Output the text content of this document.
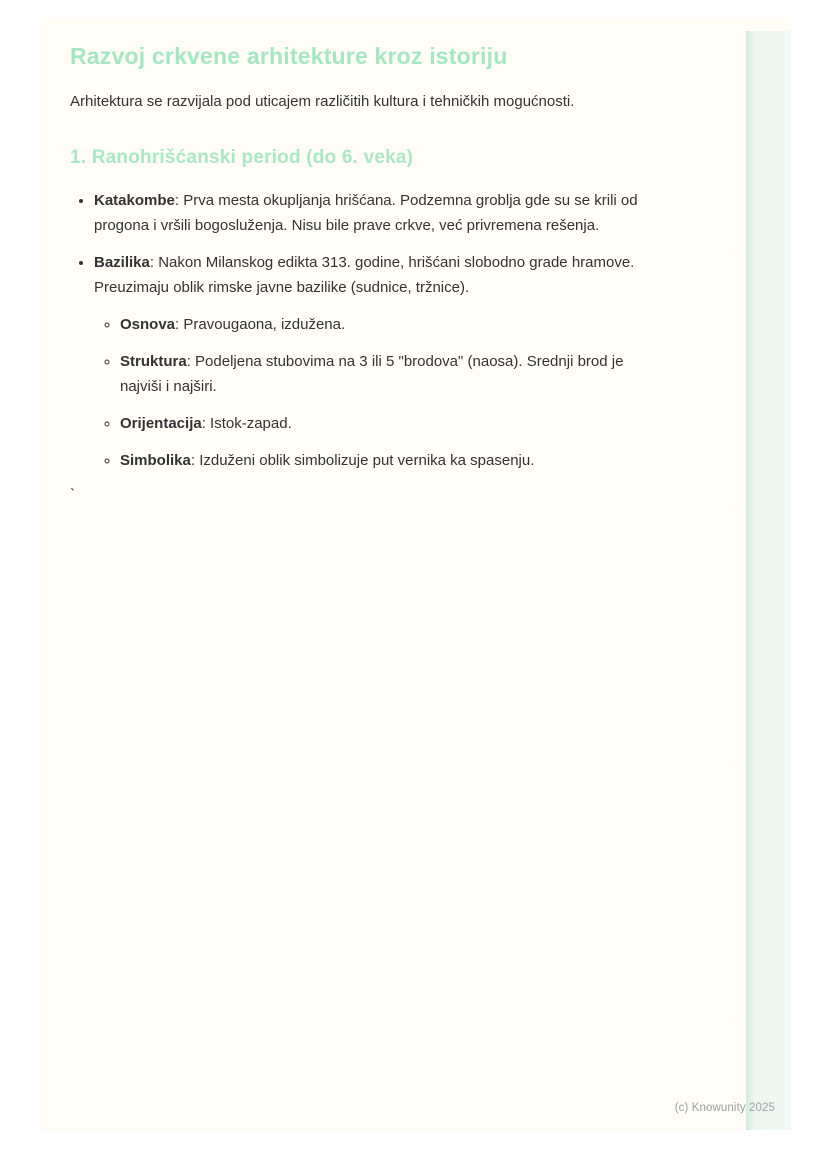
Razvoj crkvene arhitekture kroz istoriju

Arhitektura se razvijala pod uticajem različitih kultura i tehničkih mogućnosti.

1. Ranohrišćanski period (do 6. veka)
• Katakombe: Prva mesta okupljanja hrišćana. Podzemna groblja gde su se krili od progona i vršili bogosluženja. Nisu bile prave crkve, već privremena rešenja.
• Bazilika: Nakon Milanskog edikta 313. godine, hrišćani slobodno grade hramove. Preuzimaju oblik rimske javne bazilike (sudnice, tržnice).
◦ Osnova: Pravougaona, izdužena.
◦ Struktura: Podeljena stubovima na 3 ili 5 "brodova" (naosa). Srednji brod je najviši i najširi.
◦ Orijentacija: Istok-zapad.
◦ Simbolika: Izduženi oblik simbolizuje put vernika ka spasenju.

`

(c) Knowunity 2025
